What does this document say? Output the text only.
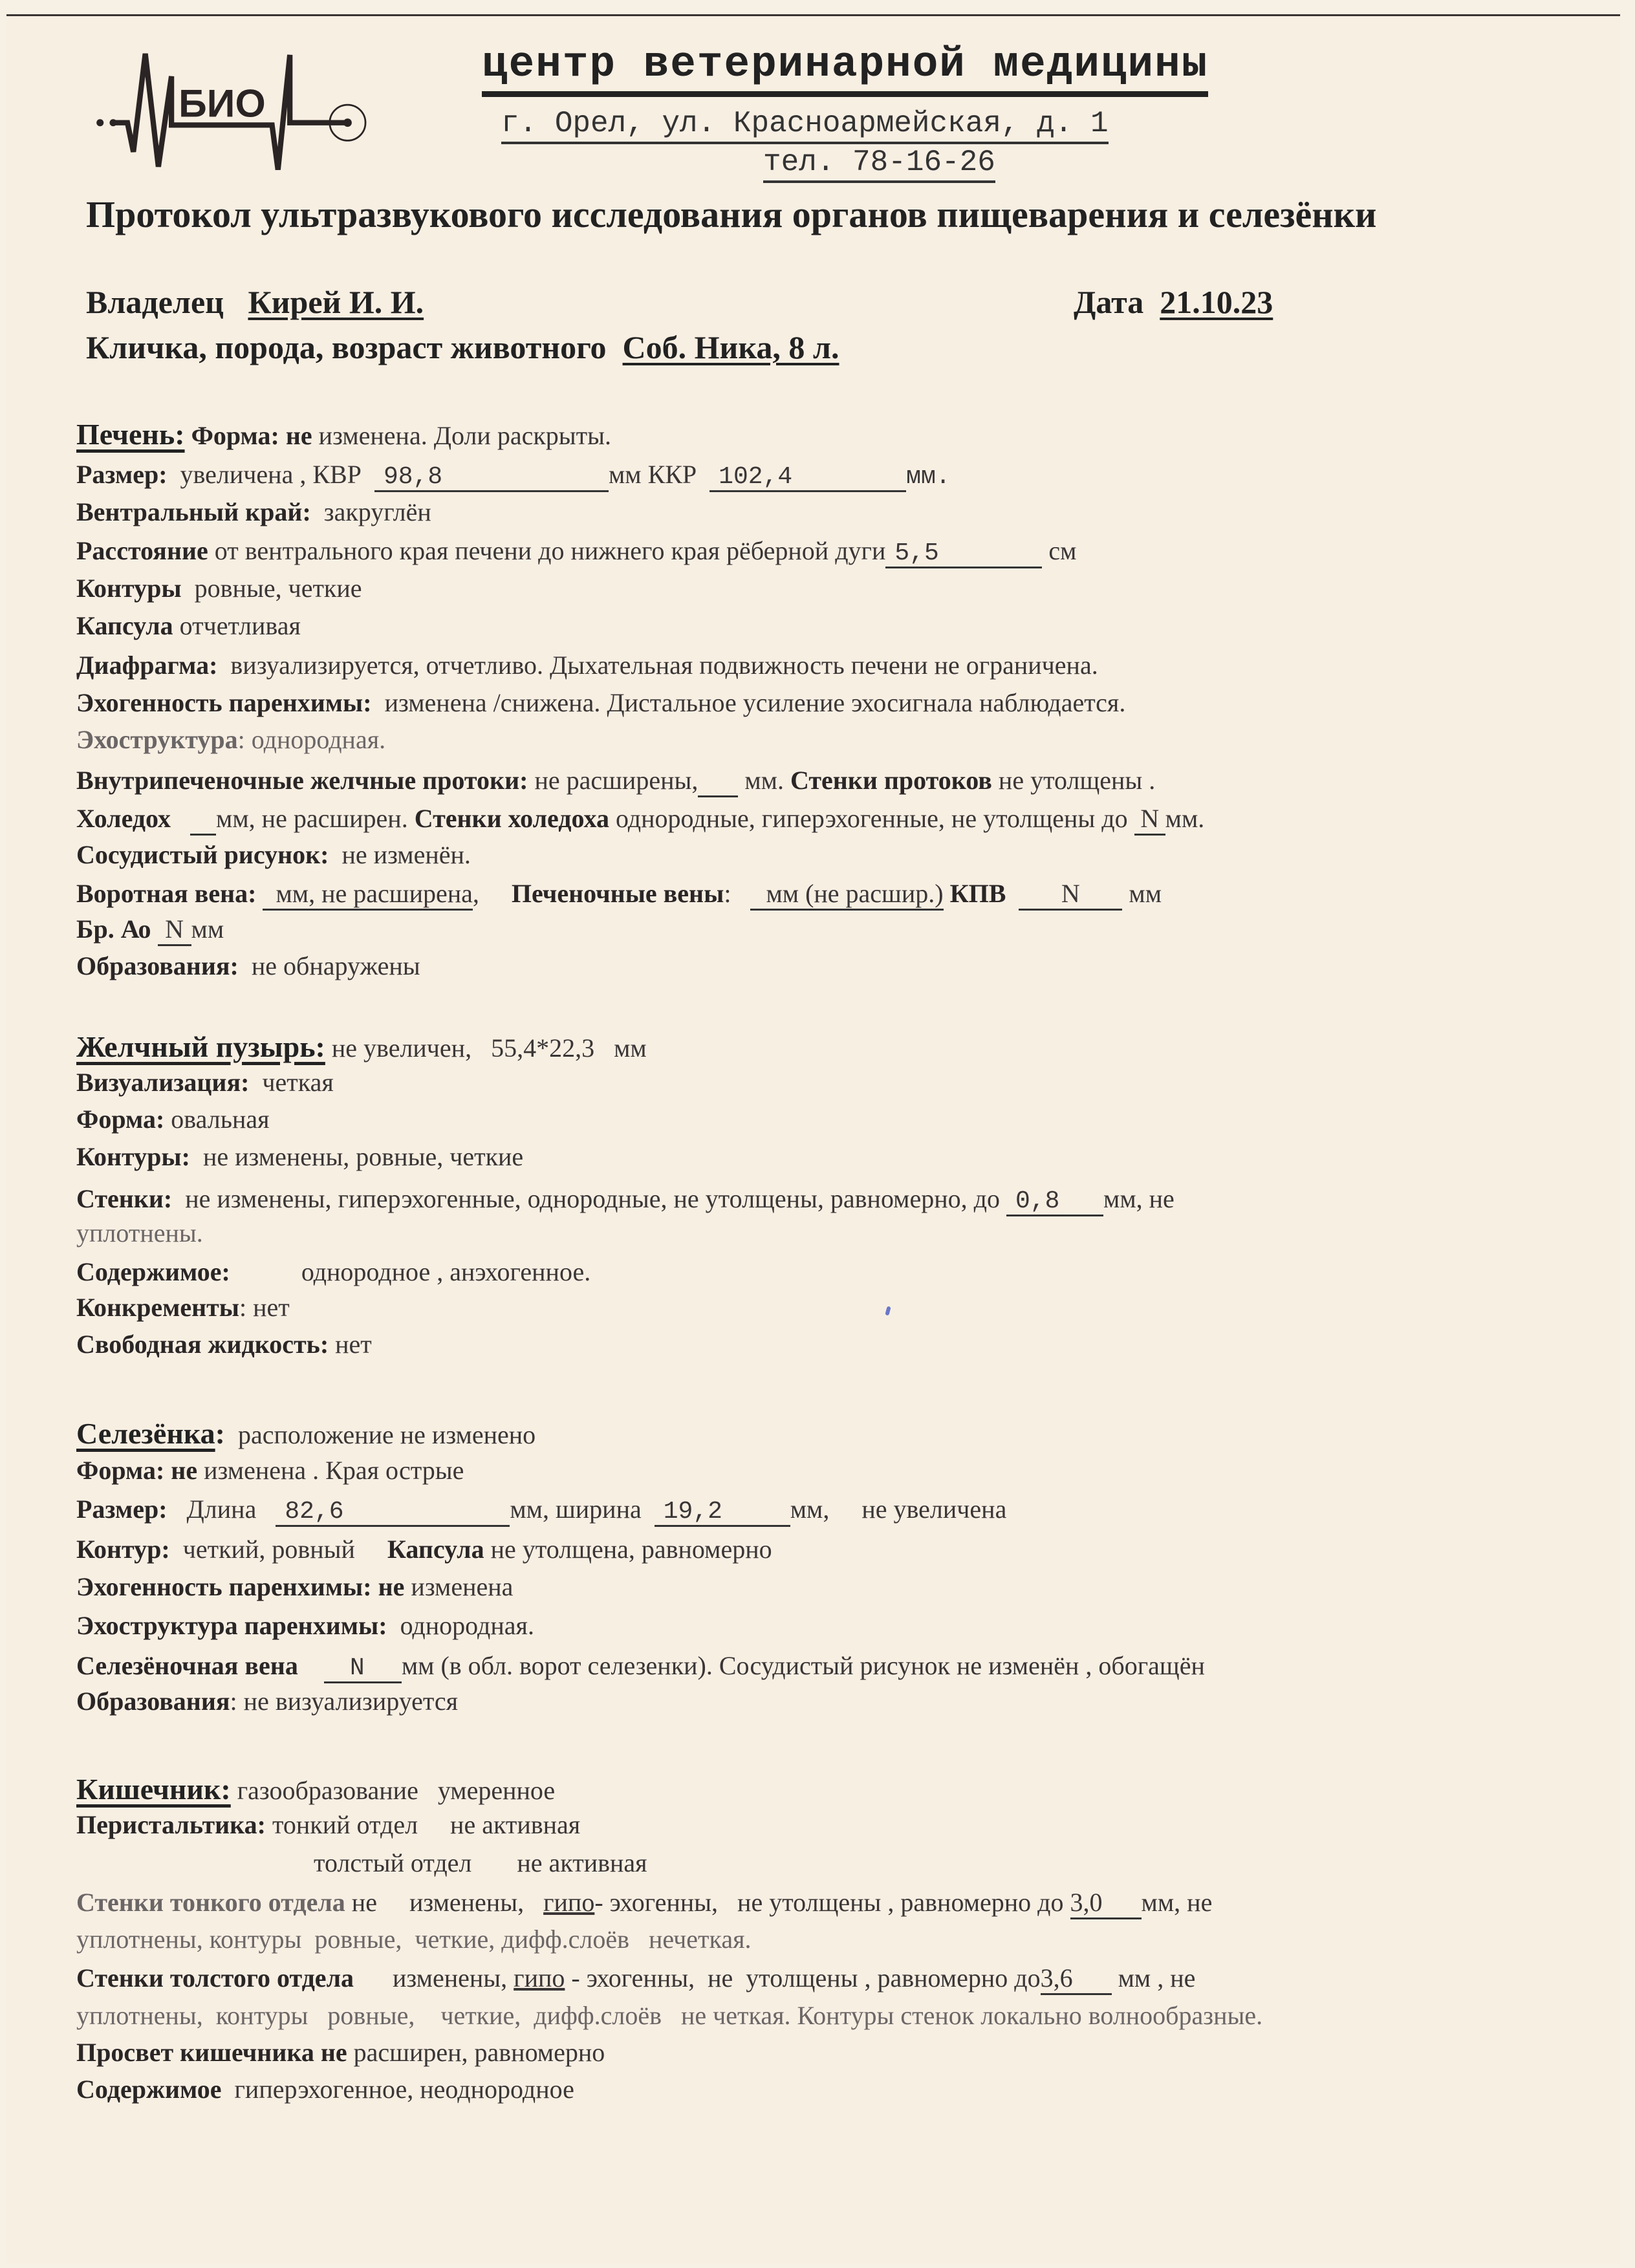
БИО
центр ветеринарной медицины
г. Орел, ул. Красноармейская, д. 1
тел. 78-16-26
Протокол ультразвукового исследования органов пищеварения и селезёнки
Владелец Кирей И. И.	Дата 21.10.23
Кличка, порода, возраст животного Соб. Ника, 8 л.
Печень: Форма: не изменена. Доли раскрыты.
Размер: увеличена , КВР 98,8	мм ККР 102,4	мм.
Вентральный край: закруглён
Расстояние от вентрального края печени до нижнего края рёберной дуги 5,5	см
Контуры ровные, четкие
Капсула отчетливая
Диафрагма: визуализируется, отчетливо. Дыхательная подвижность печени не ограничена.
Эхогенность паренхимы: изменена /снижена. Дистальное усиление эхосигнала наблюдается.
Эхоструктура: однородная.
Внутрипеченочные желчные протоки: не расширены, мм. Стенки протоков не утолщены .
Холедох мм, не расширен. Стенки холедоха однородные, гиперэхогенные, не утолщены до N мм.
Сосудистый рисунок: не изменён.
Воротная вена: мм, не расширена, Печеночные вены: мм (не расшир.) КПВ N мм
Бр. Ао N мм
Образования: не обнаружены
Желчный пузырь: не увеличен,   55,4*22,3   мм
Визуализация: четкая
Форма: овальная
Контуры: не изменены, ровные, четкие
Стенки: не изменены, гиперэхогенные, однородные, не утолщены, равномерно, до 0,8 мм, не
уплотнены.
Содержимое:	однородное , анэхогенное.
Конкременты: нет
Свободная жидкость: нет
Селезёнка: расположение не изменено
Форма: не изменена . Края острые
Размер: Длина 82,6	мм, ширина 19,2	мм, не увеличена
Контур: четкий, ровный Капсула не утолщена, равномерно
Эхогенность паренхимы: не изменена
Эхоструктура паренхимы: однородная.
Селезёночная вена N мм (в обл. ворот селезенки). Сосудистый рисунок не изменён , обогащён
Образования: не визуализируется
Кишечник: газообразование   умеренное
Перистальтика: тонкий отдел     не активная
толстый отдел       не активная
Стенки тонкого отдела не     изменены, гипо- эхогенны,   не утолщены , равномерно до 3,0 мм, не
уплотнены, контуры  ровные,  четкие, дифф.слоёв   нечеткая.
Стенки толстого отдела изменены, гипо - эхогенны,  не  утолщены , равномерно до3,6 мм , не
уплотнены,  контуры   ровные,    четкие,  дифф.слоёв   не четкая. Контуры стенок локально волнообразные.
Просвет кишечника не расширен, равномерно
Содержимое гиперэхогенное, неоднородное
